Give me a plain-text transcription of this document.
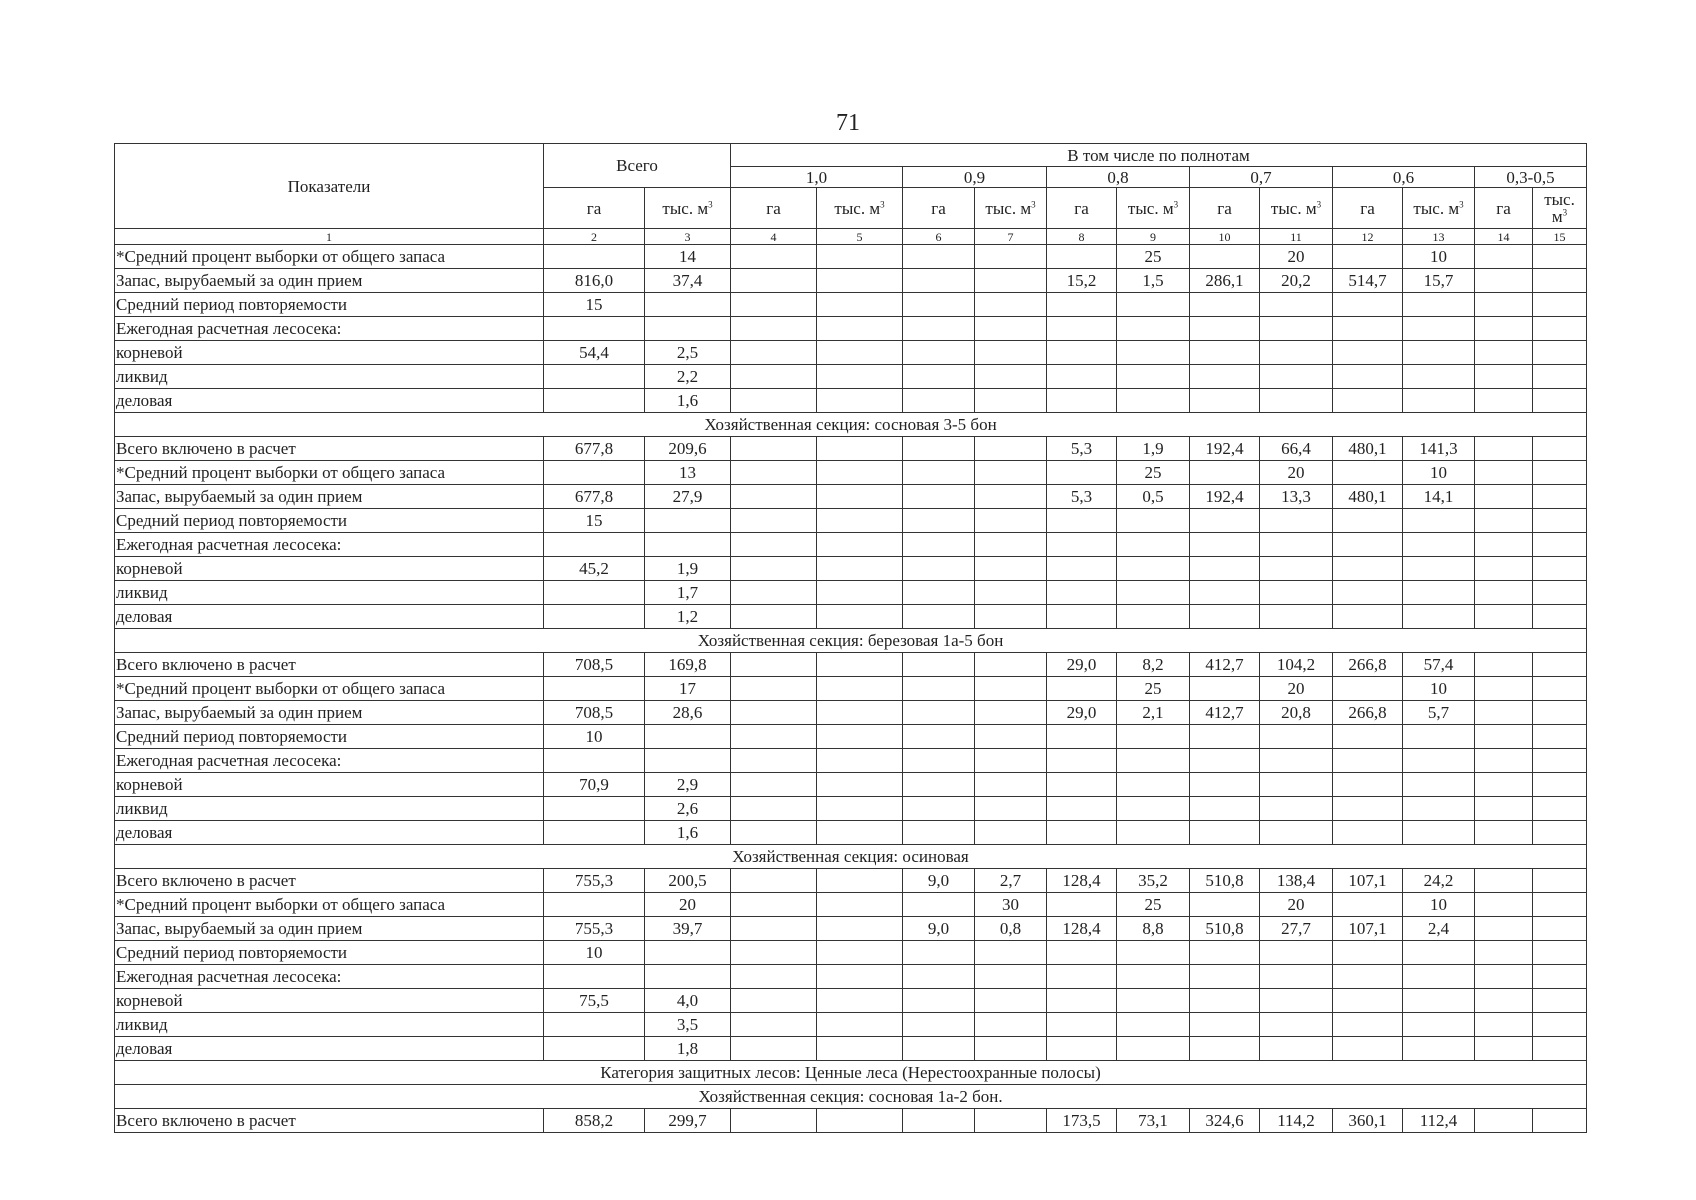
71
Показатели	Всего		В том числе по полнотам											
			1,0		0,9		0,8		0,7		0,6		0,3-0,5	
	га	тыс. $м^3$	га	тыс. $м^3$	га	тыс. $м^3$	га	тыс. $м^3$	га	тыс. $м^3$	га	тыс. $м^3$	га	тыс.
$м^3$
1	2	3	4	5	6	7	8	9	10	11	12	13	14	15
*Средний процент выборки от общего запаса		14						25		20		10		
Запас, вырубаемый за один прием	816,0	37,4					15,2	1,5	286,1	20,2	514,7	15,7		
Средний период повторяемости	15													
Ежегодная расчетная лесосека:														
корневой	54,4	2,5												
ликвид		2,2												
деловая		1,6												
Хозяйственная секция: сосновая 3-5 бон														
Всего включено в расчет	677,8	209,6					5,3	1,9	192,4	66,4	480,1	141,3		
*Средний процент выборки от общего запаса		13						25		20		10		
Запас, вырубаемый за один прием	677,8	27,9					5,3	0,5	192,4	13,3	480,1	14,1		
Средний период повторяемости	15													
Ежегодная расчетная лесосека:														
корневой	45,2	1,9												
ликвид		1,7												
деловая		1,2												
Хозяйственная секция: березовая 1а-5 бон														
Всего включено в расчет	708,5	169,8					29,0	8,2	412,7	104,2	266,8	57,4		
*Средний процент выборки от общего запаса		17						25		20		10		
Запас, вырубаемый за один прием	708,5	28,6					29,0	2,1	412,7	20,8	266,8	5,7		
Средний период повторяемости	10													
Ежегодная расчетная лесосека:														
корневой	70,9	2,9												
ликвид		2,6												
деловая		1,6												
Хозяйственная секция: осиновая														
Всего включено в расчет	755,3	200,5			9,0	2,7	128,4	35,2	510,8	138,4	107,1	24,2		
*Средний процент выборки от общего запаса		20				30		25		20		10		
Запас, вырубаемый за один прием	755,3	39,7			9,0	0,8	128,4	8,8	510,8	27,7	107,1	2,4		
Средний период повторяемости	10													
Ежегодная расчетная лесосека:														
корневой	75,5	4,0												
ликвид		3,5												
деловая		1,8												
Категория защитных лесов: Ценные леса (Нерестоохранные полосы)														
Хозяйственная секция: сосновая 1а-2 бон.														
Всего включено в расчет	858,2	299,7					173,5	73,1	324,6	114,2	360,1	112,4		
